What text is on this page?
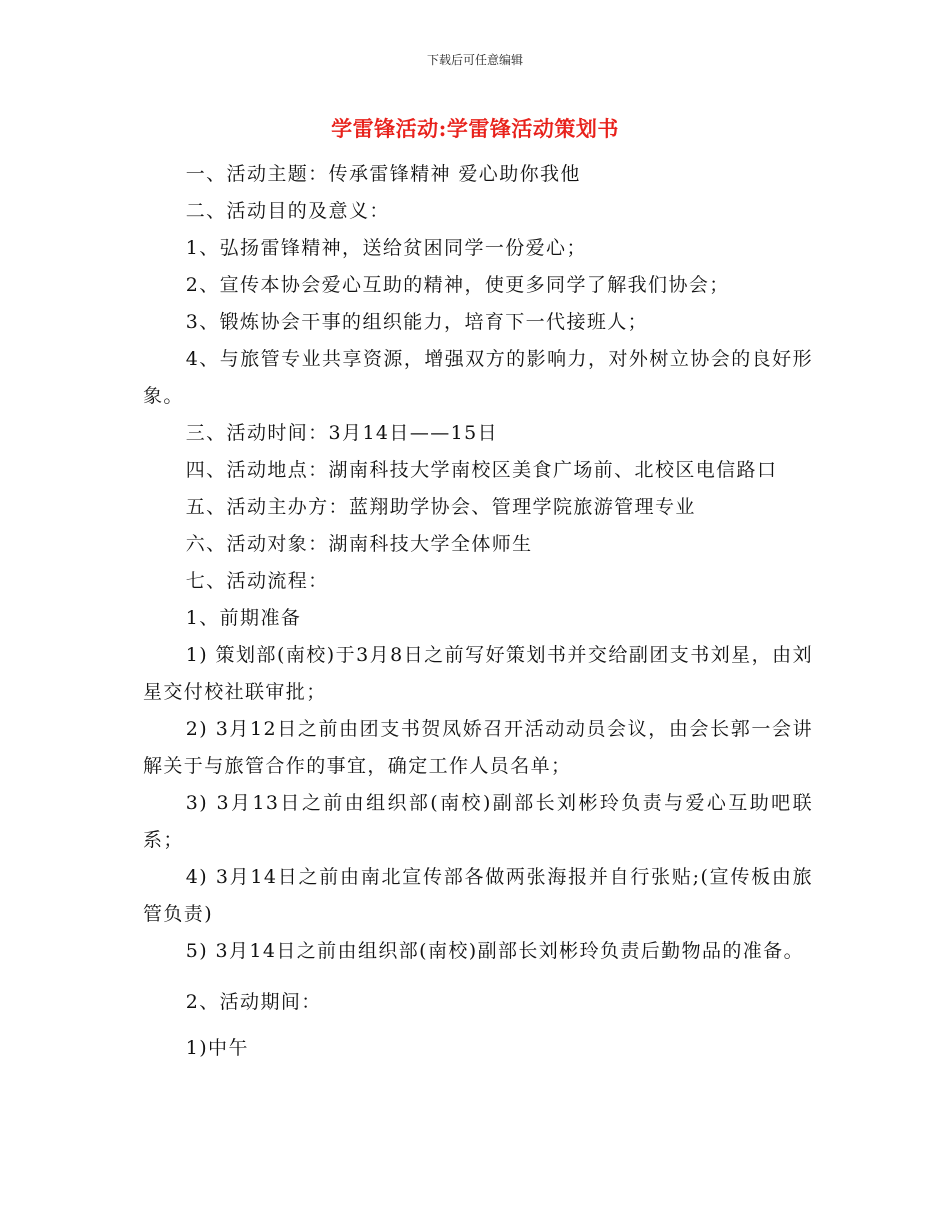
下载后可任意编辑
学雷锋活动:学雷锋活动策划书

一、活动主题：传承雷锋精神 爱心助你我他

二、活动目的及意义：

1、弘扬雷锋精神，送给贫困同学一份爱心；

2、宣传本协会爱心互助的精神，使更多同学了解我们协会；

3、锻炼协会干事的组织能力，培育下一代接班人；

4、与旅管专业共享资源，增强双方的影响力，对外树立协会的良好形象。

三、活动时间：3月14日——15日

四、活动地点：湖南科技大学南校区美食广场前、北校区电信路口

五、活动主办方：蓝翔助学协会、管理学院旅游管理专业

六、活动对象：湖南科技大学全体师生

七、活动流程：

1、前期准备

1) 策划部(南校)于3月8日之前写好策划书并交给副团支书刘星，由刘星交付校社联审批；

2) 3月12日之前由团支书贺凤娇召开活动动员会议，由会长郭一会讲解关于与旅管合作的事宜，确定工作人员名单；

3) 3月13日之前由组织部(南校)副部长刘彬玲负责与爱心互助吧联系；

4) 3月14日之前由南北宣传部各做两张海报并自行张贴;(宣传板由旅管负责)

5) 3月14日之前由组织部(南校)副部长刘彬玲负责后勤物品的准备。

2、活动期间：

1)中午
